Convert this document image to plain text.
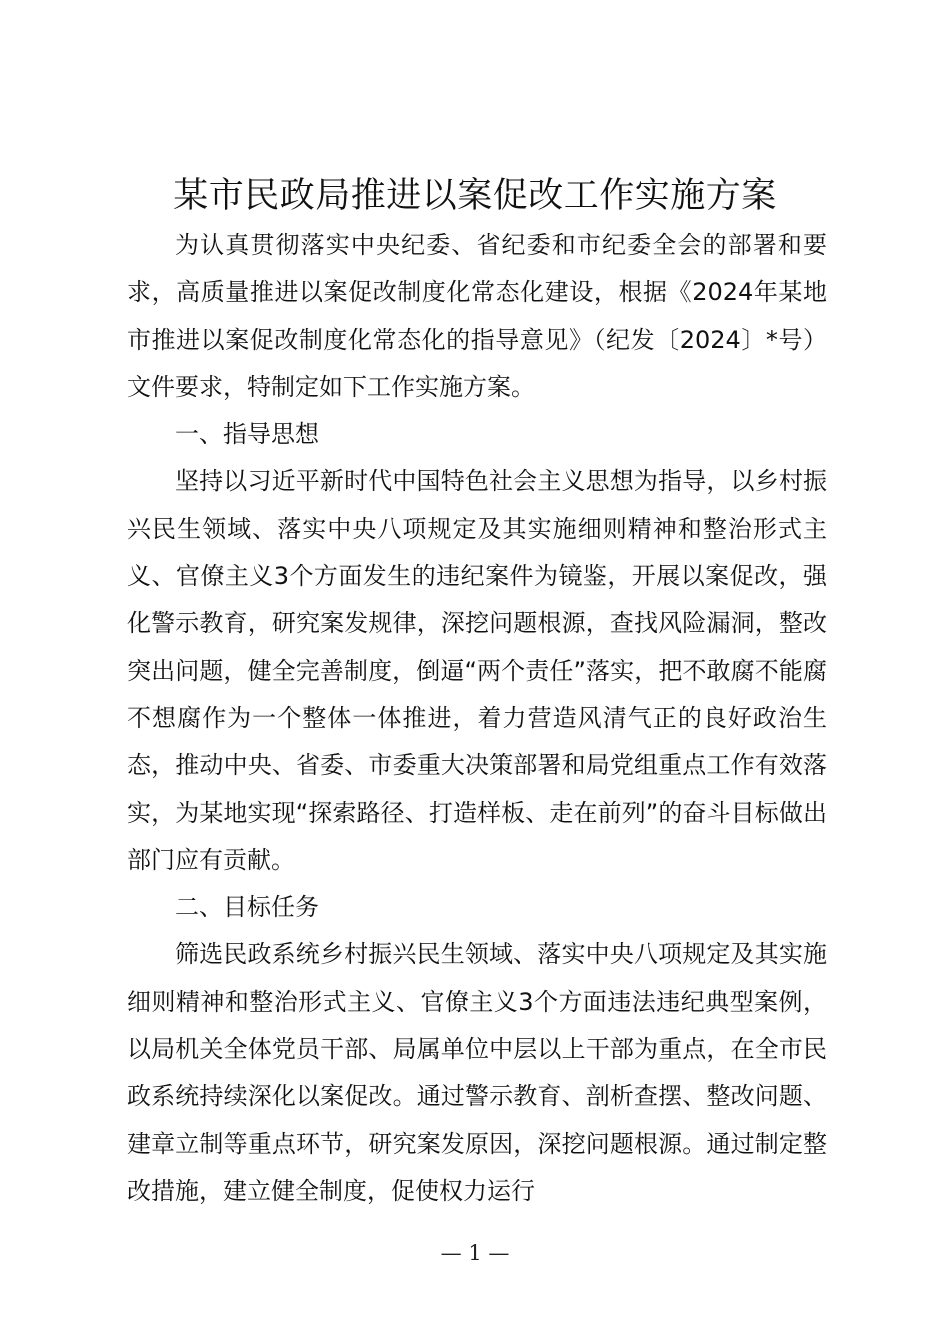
某市民政局推进以案促改工作实施方案

为认真贯彻落实中央纪委、省纪委和市纪委全会的部署和要求，高质量推进以案促改制度化常态化建设，根据《2024年某地市推进以案促改制度化常态化的指导意见》（纪发〔2024〕*号）文件要求，特制定如下工作实施方案。

一、指导思想

坚持以习近平新时代中国特色社会主义思想为指导，以乡村振兴民生领域、落实中央八项规定及其实施细则精神和整治形式主义、官僚主义3个方面发生的违纪案件为镜鉴，开展以案促改，强化警示教育，研究案发规律，深挖问题根源，查找风险漏洞，整改突出问题，健全完善制度，倒逼“两个责任”落实，把不敢腐不能腐不想腐作为一个整体一体推进，着力营造风清气正的良好政治生态，推动中央、省委、市委重大决策部署和局党组重点工作有效落实，为某地实现“探索路径、打造样板、走在前列”的奋斗目标做出部门应有贡献。

二、目标任务

筛选民政系统乡村振兴民生领域、落实中央八项规定及其实施细则精神和整治形式主义、官僚主义3个方面违法违纪典型案例，以局机关全体党员干部、局属单位中层以上干部为重点，在全市民政系统持续深化以案促改。通过警示教育、剖析查摆、整改问题、建章立制等重点环节，研究案发原因，深挖问题根源。通过制定整改措施，建立健全制度，促使权力运行

— 1 —
